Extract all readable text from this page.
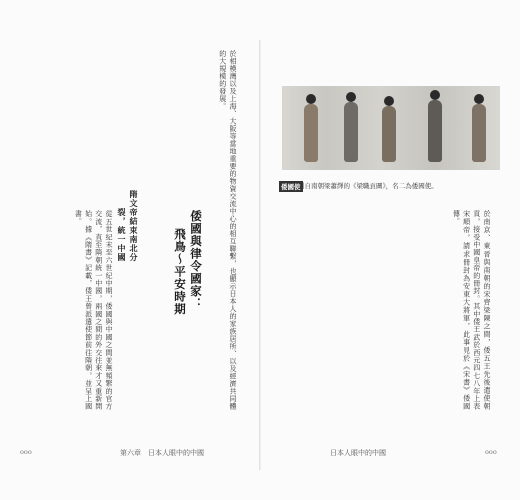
於相模灣以及上海、大阪等當地重要的物資交流中心的相互聯繫，也顯示日本人的家族居所、以及經濟共同體的大規模的發展。
倭國與律令國家：
飛鳥～平安時期
隋文帝結束南北分
裂，統一中國
從五世紀末至六世紀中期，倭國與中國之間並無頻繁的官方交流，直至隋朝統一中國，兩國之間的外交往來才又重新開始。據《隋書》記載，倭王曾派遣使節前往隋朝，並呈上國書。
第六章　日本人眼中的中國
ooo
倭國使
引自南朝梁蕭繹的《梁職貢圖》，名二為倭國使。
於南京、東晉與南朝的宋齊梁陳之間，倭五王先後遣使朝貢，接受中國皇帝的冊封。其中倭王武於西元四七八年上表宋順帝，請求冊封為安東大將軍，此事見於《宋書》倭國傳。
日本人眼中的中國	ooo
